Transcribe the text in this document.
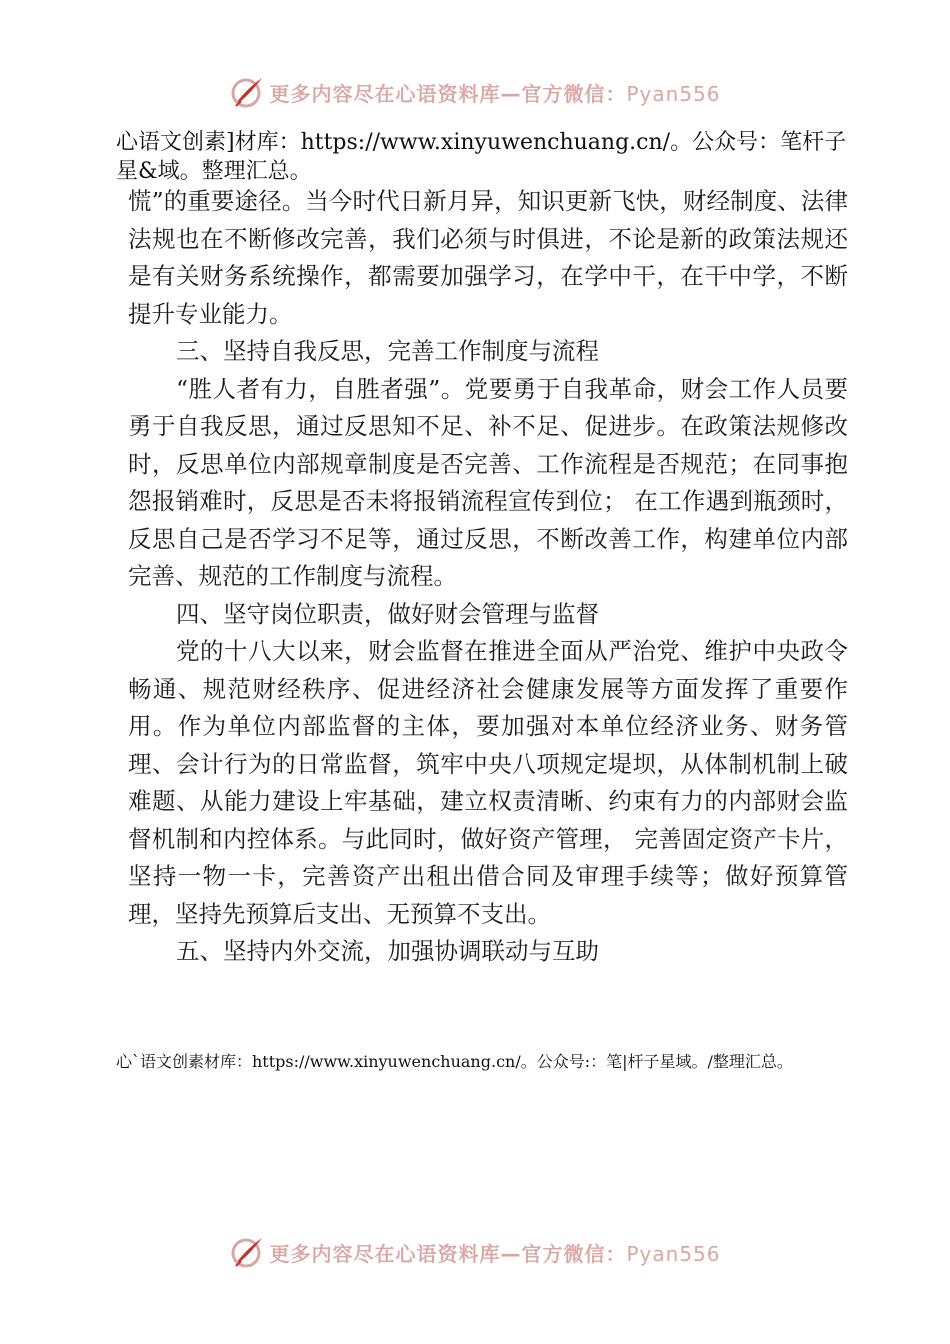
更多内容尽在心语资料库—官方微信：Pyan556
心语文创素]材库：https://www.xinyuwenchuang.cn/。公众号：笔杆子星&域。整理汇总。

慌”的重要途径。当今时代日新月异，知识更新飞快，财经制度、法律法规也在不断修改完善，我们必须与时俱进，不论是新的政策法规还是有关财务系统操作，都需要加强学习，在学中干，在干中学，不断提升专业能力。

三、坚持自我反思，完善工作制度与流程

“胜人者有力，自胜者强”。党要勇于自我革命，财会工作人员要勇于自我反思，通过反思知不足、补不足、促进步。在政策法规修改时，反思单位内部规章制度是否完善、工作流程是否规范；在同事抱怨报销难时，反思是否未将报销流程宣传到位； 在工作遇到瓶颈时，反思自己是否学习不足等，通过反思，不断改善工作，构建单位内部完善、规范的工作制度与流程。

四、坚守岗位职责，做好财会管理与监督

党的十八大以来，财会监督在推进全面从严治党、维护中央政令畅通、规范财经秩序、促进经济社会健康发展等方面发挥了重要作用。作为单位内部监督的主体，要加强对本单位经济业务、财务管理、会计行为的日常监督，筑牢中央八项规定堤坝，从体制机制上破难题、从能力建设上牢基础，建立权责清晰、约束有力的内部财会监督机制和内控体系。与此同时，做好资产管理， 完善固定资产卡片，坚持一物一卡，完善资产出租出借合同及审理手续等；做好预算管理，坚持先预算后支出、无预算不支出。

五、坚持内外交流，加强协调联动与互助

心`语文创素材库：https://www.xinyuwenchuang.cn/。公众号:：笔|杆子星域。/整理汇总。
更多内容尽在心语资料库—官方微信：Pyan556
